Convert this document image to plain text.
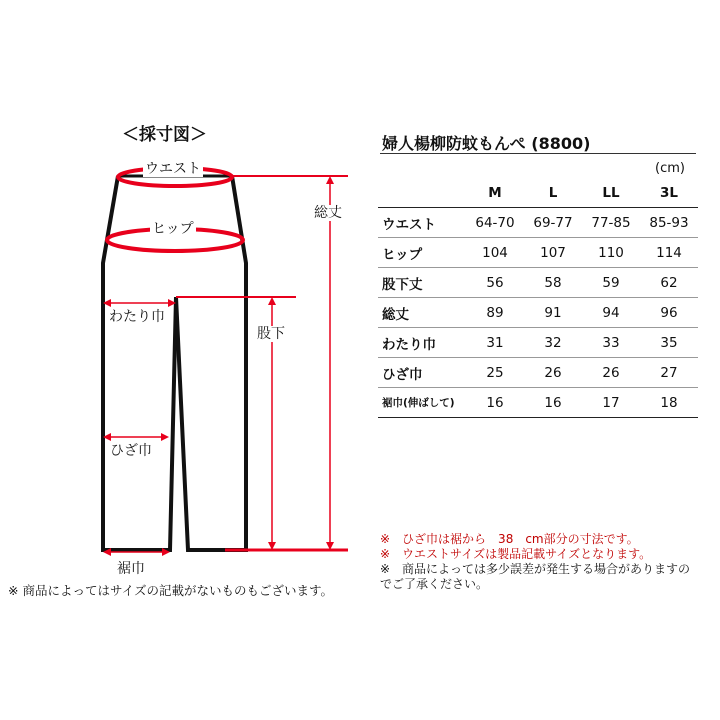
＜採寸図＞
ウエスト
ヒップ
わたり巾
ひざ巾
裾巾
股下
総丈
※ 商品によってはサイズの記載がないものもございます。
婦人楊柳防蚊もんぺ (8800)
(cm)
	M	L	LL	3L
ウエスト	64-70	69-77	77-85	85-93
ヒップ	104	107	110	114
股下丈	56	58	59	62
総丈	89	91	94	96
わたり巾	31	32	33	35
ひざ巾	25	26	26	27
裾巾(伸ばして)	16	16	17	18
※　ひざ巾は裾から　38　cm部分の寸法です。
※　ウエストサイズは製品記載サイズとなります。
※　商品によっては多少誤差が発生する場合がありますの
でご了承ください。
